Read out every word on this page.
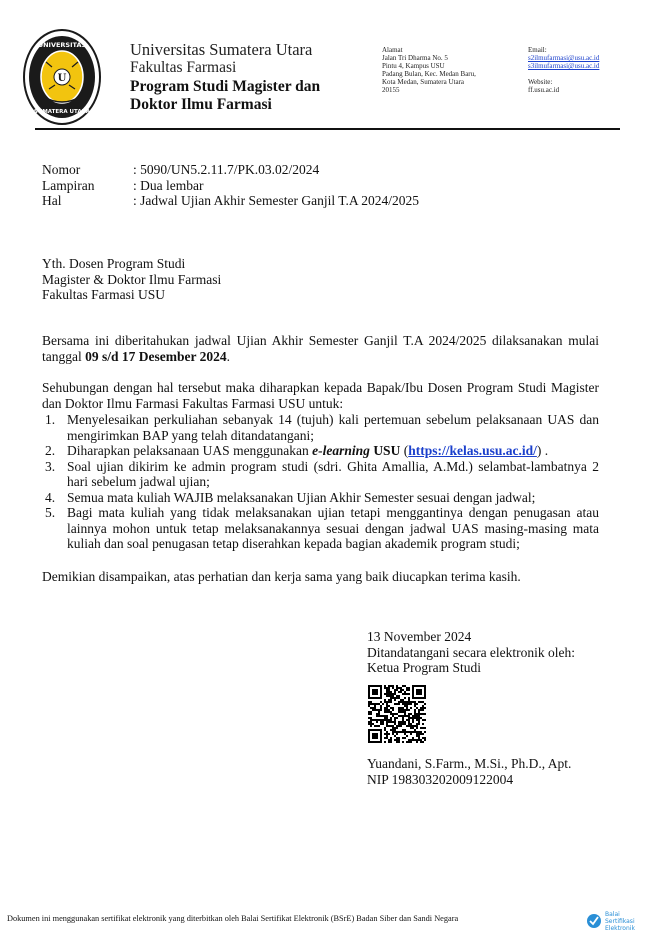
UNIVERSITAS
SUMATERA UTARA
U
Universitas Sumatera Utara
Fakultas Farmasi
Program Studi Magister dan Doktor Ilmu Farmasi
Alamat
Jalan Tri Dharma No. 5
Pintu 4, Kampus USU
Padang Bulan, Kec. Medan Baru,
Kota Medan, Sumatera Utara
20155
Email:
s2ilmufarmasi@usu.ac.id
s3ilmufarmasi@usu.ac.id
Website:
ff.usu.ac.id
Nomor	: 5090/UN5.2.11.7/PK.03.02/2024
Lampiran	: Dua lembar
Hal	: Jadwal Ujian Akhir Semester Ganjil T.A 2024/2025
Yth. Dosen Program Studi
Magister & Doktor Ilmu Farmasi
Fakultas Farmasi USU
Bersama ini diberitahukan jadwal Ujian Akhir Semester Ganjil T.A 2024/2025 dilaksanakan mulai tanggal 09 s/d 17 Desember 2024.
Sehubungan dengan hal tersebut maka diharapkan kepada Bapak/Ibu Dosen Program Studi Magister dan Doktor Ilmu Farmasi Fakultas Farmasi USU untuk:
1. Menyelesaikan perkuliahan sebanyak 14 (tujuh) kali pertemuan sebelum pelaksanaan UAS dan mengirimkan BAP yang telah ditandatangani;
2. Diharapkan pelaksanaan UAS menggunakan e-learning USU (https://kelas.usu.ac.id/) .
3. Soal ujian dikirim ke admin program studi (sdri. Ghita Amallia, A.Md.) selambat-lambatnya 2 hari sebelum jadwal ujian;
4. Semua mata kuliah WAJIB melaksanakan Ujian Akhir Semester sesuai dengan jadwal;
5. Bagi mata kuliah yang tidak melaksanakan ujian tetapi menggantinya dengan penugasan atau lainnya mohon untuk tetap melaksanakannya sesuai dengan jadwal UAS masing-masing mata kuliah dan soal penugasan tetap diserahkan kepada bagian akademik program studi;
Demikian disampaikan, atas perhatian dan kerja sama yang baik diucapkan terima kasih.
13 November 2024
Ditandatangani secara elektronik oleh:
Ketua Program Studi
Yuandani, S.Farm., M.Si., Ph.D., Apt.
NIP 198303202009122004
Dokumen ini menggunakan sertifikat elektronik yang diterbitkan oleh Balai Sertifikat Elektronik (BSrE) Badan Siber dan Sandi Negara	Balai
Sertifikasi
Elektronik
